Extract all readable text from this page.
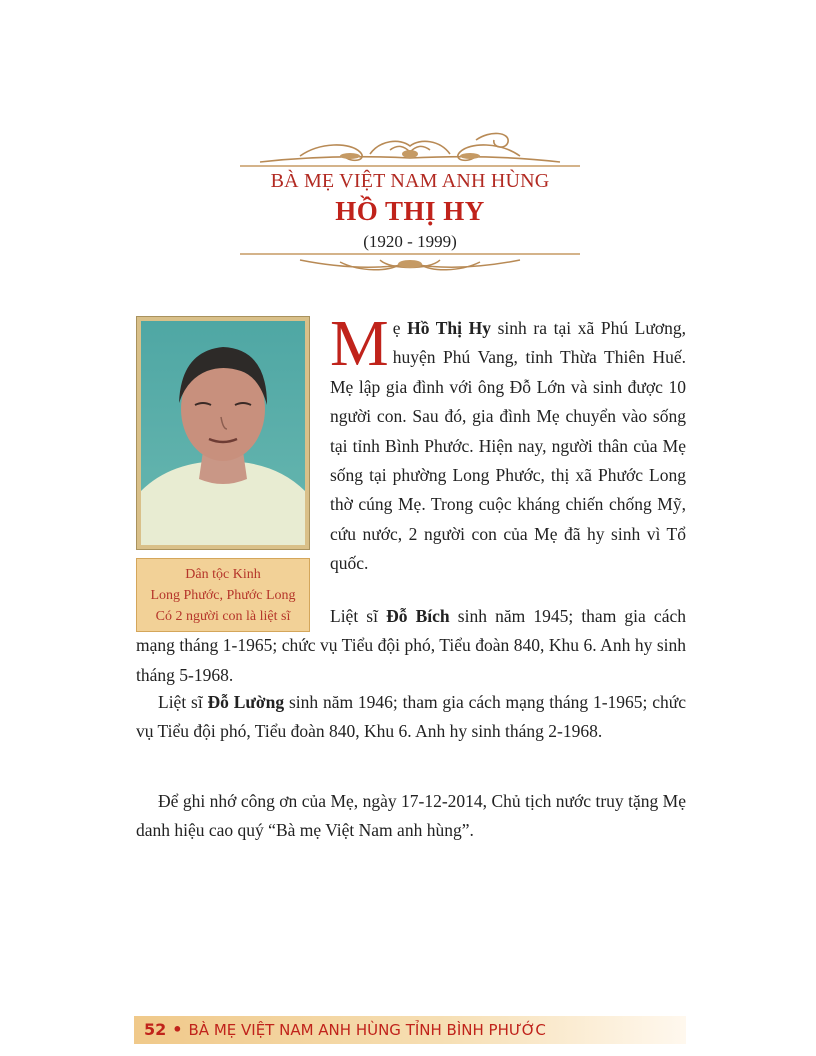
BÀ MẸ VIỆT NAM ANH HÙNG
HỒ THỊ HY
(1920 - 1999)
Dân tộc Kinh
Long Phước, Phước Long
Có 2 người con là liệt sĩ
Mẹ Hồ Thị Hy sinh ra tại xã Phú Lương, huyện Phú Vang, tỉnh Thừa Thiên Huế. Mẹ lập gia đình với ông Đỗ Lớn và sinh được 10 người con. Sau đó, gia đình Mẹ chuyển vào sống tại tỉnh Bình Phước. Hiện nay, người thân của Mẹ sống tại phường Long Phước, thị xã Phước Long thờ cúng Mẹ. Trong cuộc kháng chiến chống Mỹ, cứu nước, 2 người con của Mẹ đã hy sinh vì Tổ quốc.
Liệt sĩ Đỗ Bích sinh năm 1945; tham gia cách mạng tháng 1-1965; chức vụ Tiểu đội phó, Tiểu đoàn 840, Khu 6. Anh hy sinh tháng 5-1968.
Liệt sĩ Đỗ Lường sinh năm 1946; tham gia cách mạng tháng 1-1965; chức vụ Tiểu đội phó, Tiểu đoàn 840, Khu 6. Anh hy sinh tháng 2-1968.
Để ghi nhớ công ơn của Mẹ, ngày 17-12-2014, Chủ tịch nước truy tặng Mẹ danh hiệu cao quý “Bà mẹ Việt Nam anh hùng”.
52 • BÀ MẸ VIỆT NAM ANH HÙNG TỈNH BÌNH PHƯỚC
